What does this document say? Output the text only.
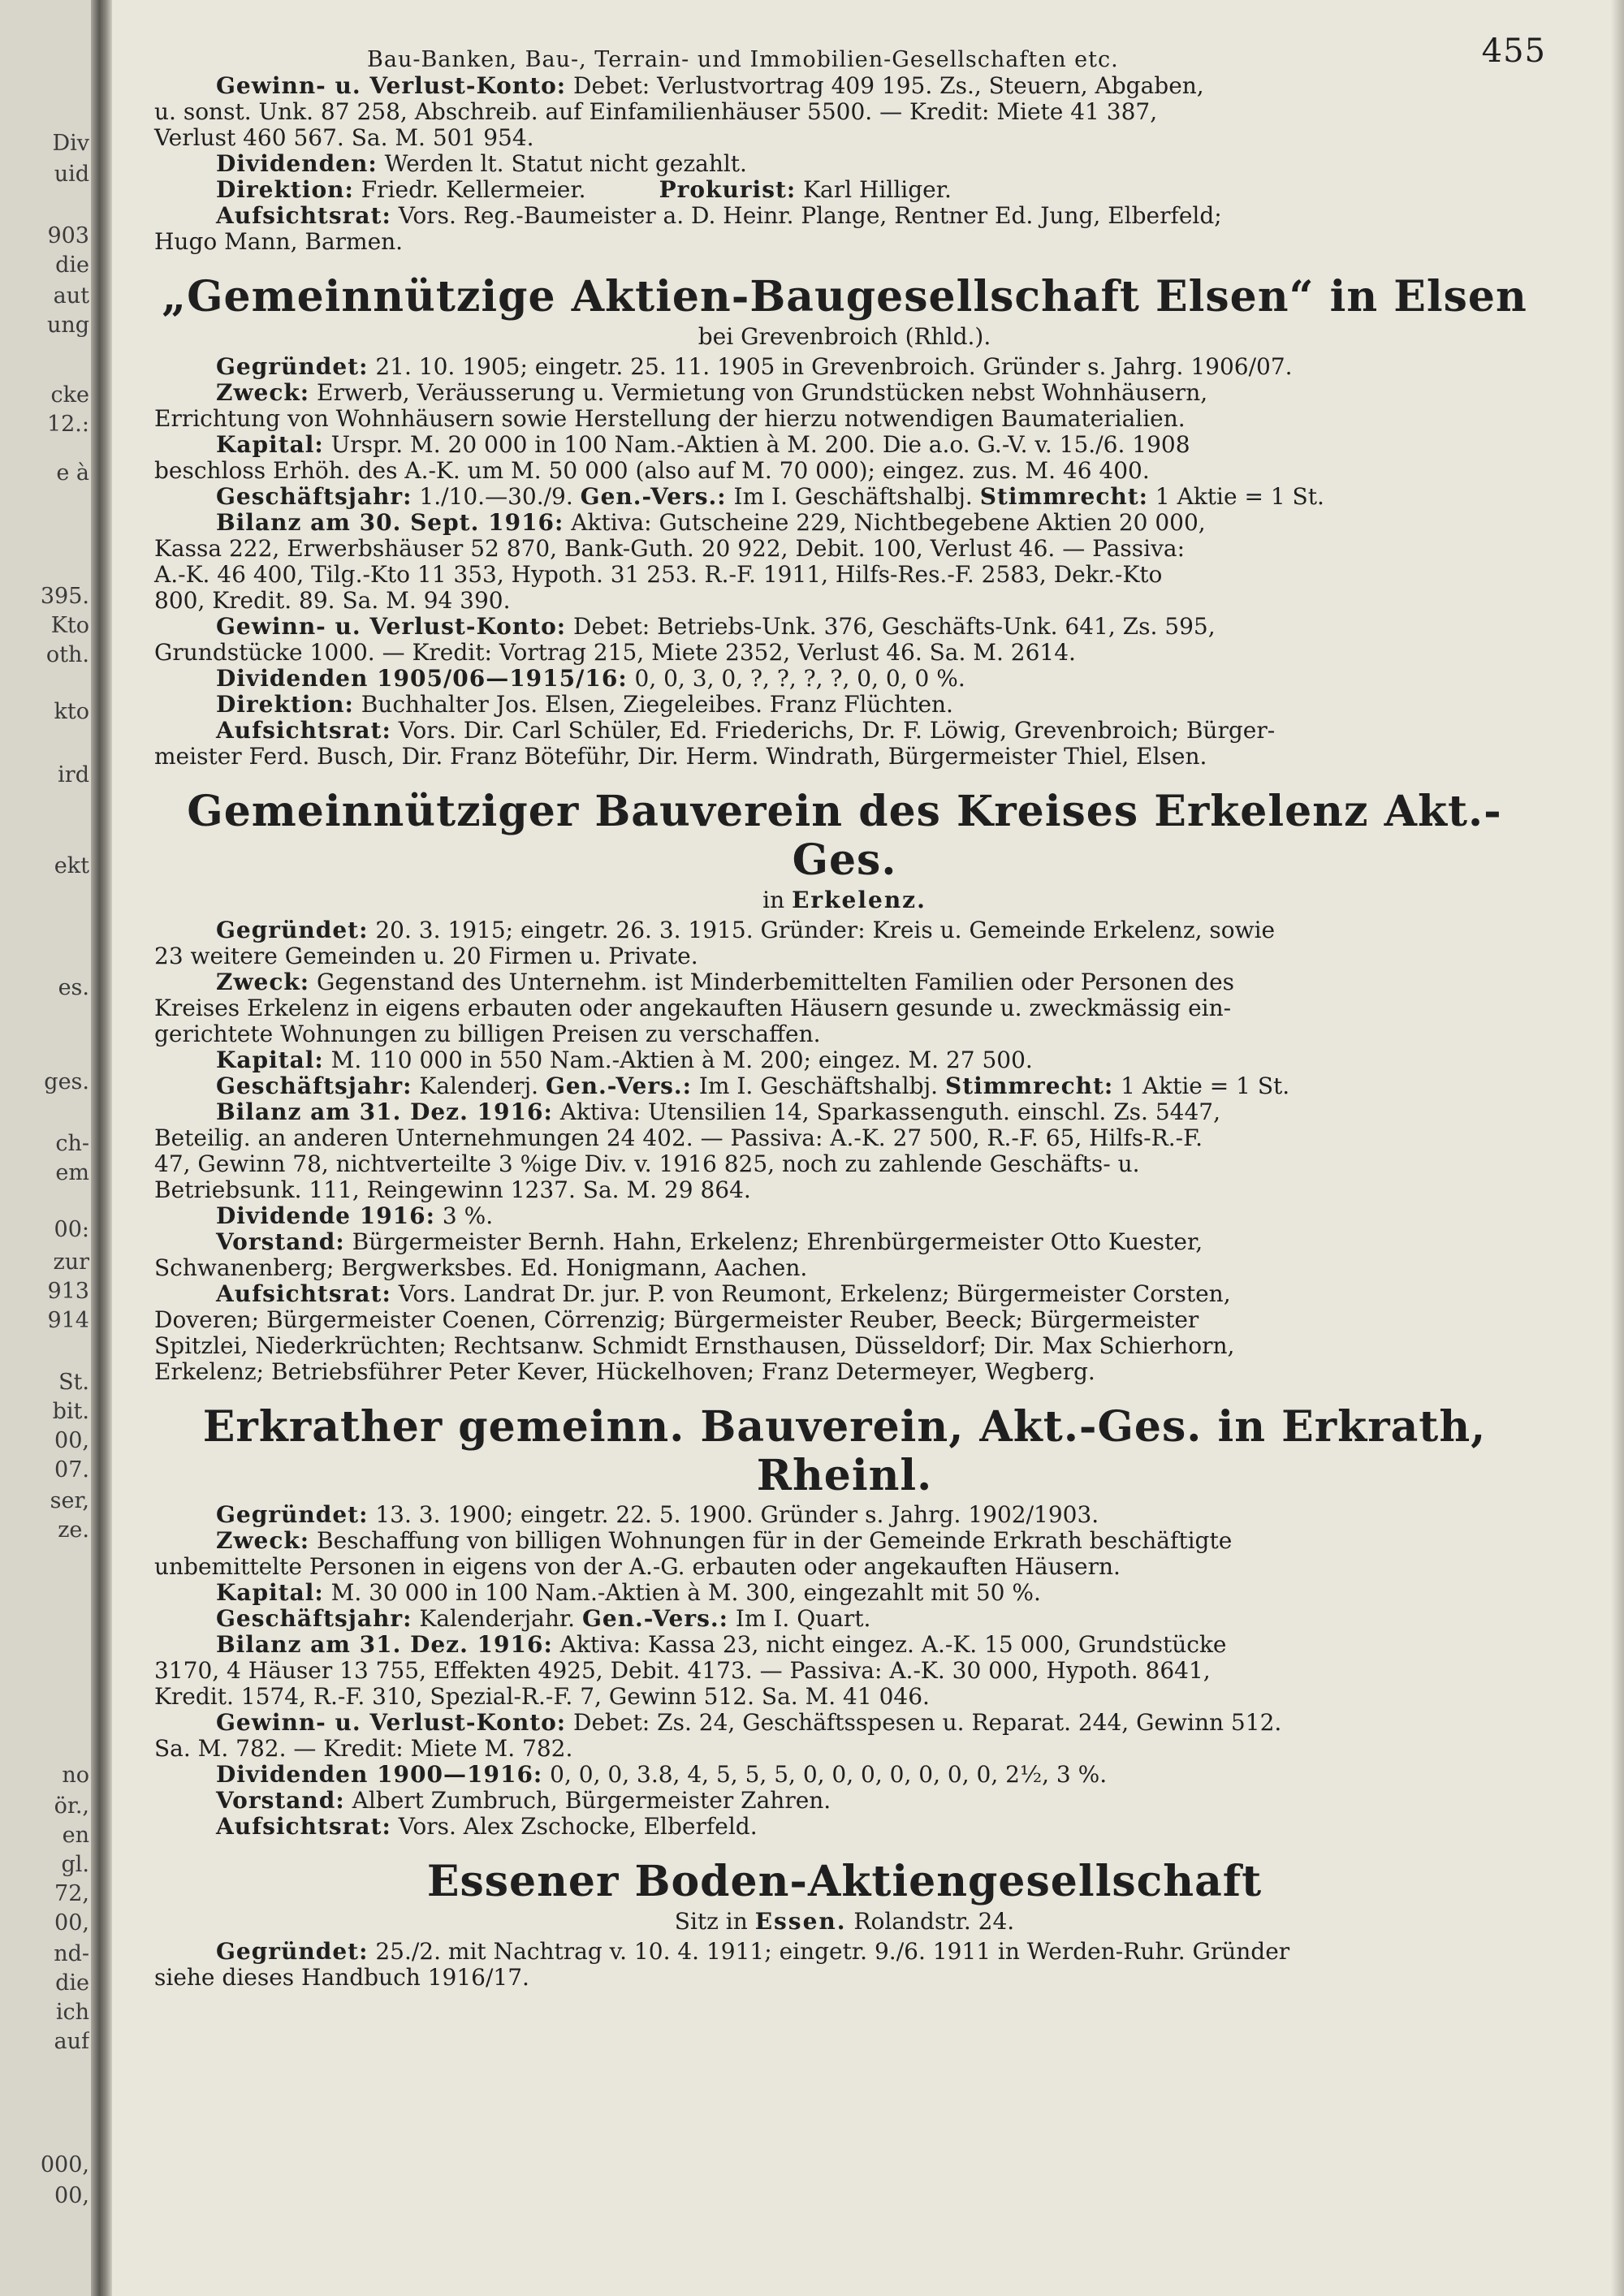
Div
uid
903
die
aut
ung
cke
12.:
e à
395.
Kto
oth.
kto
ird
ekt
es.
ges.
ch-
em
00:
zur
913
914
St.
bit.
00,
07.
ser,
ze.
no
ör.,
en
gl.
72,
00,
nd-
die
ich
auf
000,
00,
Bau-Banken, Bau-, Terrain- und Immobilien-Gesellschaften etc.	455

Gewinn- u. Verlust-Konto: Debet: Verlustvortrag 409 195. Zs., Steuern, Abgaben,

u. sonst. Unk. 87 258, Abschreib. auf Einfamilienhäuser 5500. — Kredit: Miete 41 387,

Verlust 460 567. Sa. M. 501 954.

Dividenden: Werden lt. Statut nicht gezahlt.

Direktion: Friedr. Kellermeier.	Prokurist: Karl Hilliger.

Aufsichtsrat: Vors. Reg.-Baumeister a. D. Heinr. Plange, Rentner Ed. Jung, Elberfeld;

Hugo Mann, Barmen.

„Gemeinnützige Aktien-Baugesellschaft Elsen“ in Elsen
bei Grevenbroich (Rhld.).

Gegründet: 21. 10. 1905; eingetr. 25. 11. 1905 in Grevenbroich. Gründer s. Jahrg. 1906/07.

Zweck: Erwerb, Veräusserung u. Vermietung von Grundstücken nebst Wohnhäusern,

Errichtung von Wohnhäusern sowie Herstellung der hierzu notwendigen Baumaterialien.

Kapital: Urspr. M. 20 000 in 100 Nam.-Aktien à M. 200. Die a.o. G.-V. v. 15./6. 1908

beschloss Erhöh. des A.-K. um M. 50 000 (also auf M. 70 000); eingez. zus. M. 46 400.

Geschäftsjahr: 1./10.—30./9. Gen.-Vers.: Im I. Geschäftshalbj. Stimmrecht: 1 Aktie = 1 St.

Bilanz am 30. Sept. 1916: Aktiva: Gutscheine 229, Nichtbegebene Aktien 20 000,

Kassa 222, Erwerbshäuser 52 870, Bank-Guth. 20 922, Debit. 100, Verlust 46. — Passiva:

A.-K. 46 400, Tilg.-Kto 11 353, Hypoth. 31 253. R.-F. 1911, Hilfs-Res.-F. 2583, Dekr.-Kto

800, Kredit. 89. Sa. M. 94 390.

Gewinn- u. Verlust-Konto: Debet: Betriebs-Unk. 376, Geschäfts-Unk. 641, Zs. 595,

Grundstücke 1000. — Kredit: Vortrag 215, Miete 2352, Verlust 46. Sa. M. 2614.

Dividenden 1905/06—1915/16: 0, 0, 3, 0, ?, ?, ?, ?, 0, 0, 0 %.

Direktion: Buchhalter Jos. Elsen, Ziegeleibes. Franz Flüchten.

Aufsichtsrat: Vors. Dir. Carl Schüler, Ed. Friederichs, Dr. F. Löwig, Grevenbroich; Bürger-

meister Ferd. Busch, Dir. Franz Böteführ, Dir. Herm. Windrath, Bürgermeister Thiel, Elsen.

Gemeinnütziger Bauverein des Kreises Erkelenz Akt.-Ges.
in Erkelenz.

Gegründet: 20. 3. 1915; eingetr. 26. 3. 1915. Gründer: Kreis u. Gemeinde Erkelenz, sowie

23 weitere Gemeinden u. 20 Firmen u. Private.

Zweck: Gegenstand des Unternehm. ist Minderbemittelten Familien oder Personen des

Kreises Erkelenz in eigens erbauten oder angekauften Häusern gesunde u. zweckmässig ein-

gerichtete Wohnungen zu billigen Preisen zu verschaffen.

Kapital: M. 110 000 in 550 Nam.-Aktien à M. 200; eingez. M. 27 500.

Geschäftsjahr: Kalenderj. Gen.-Vers.: Im I. Geschäftshalbj. Stimmrecht: 1 Aktie = 1 St.

Bilanz am 31. Dez. 1916: Aktiva: Utensilien 14, Sparkassenguth. einschl. Zs. 5447,

Beteilig. an anderen Unternehmungen 24 402. — Passiva: A.-K. 27 500, R.-F. 65, Hilfs-R.-F.

47, Gewinn 78, nichtverteilte 3 %ige Div. v. 1916 825, noch zu zahlende Geschäfts- u.

Betriebsunk. 111, Reingewinn 1237. Sa. M. 29 864.

Dividende 1916: 3 %.

Vorstand: Bürgermeister Bernh. Hahn, Erkelenz; Ehrenbürgermeister Otto Kuester,

Schwanenberg; Bergwerksbes. Ed. Honigmann, Aachen.

Aufsichtsrat: Vors. Landrat Dr. jur. P. von Reumont, Erkelenz; Bürgermeister Corsten,

Doveren; Bürgermeister Coenen, Cörrenzig; Bürgermeister Reuber, Beeck; Bürgermeister

Spitzlei, Niederkrüchten; Rechtsanw. Schmidt Ernsthausen, Düsseldorf; Dir. Max Schierhorn,

Erkelenz; Betriebsführer Peter Kever, Hückelhoven; Franz Determeyer, Wegberg.

Erkrather gemeinn. Bauverein, Akt.-Ges. in Erkrath, Rheinl.

Gegründet: 13. 3. 1900; eingetr. 22. 5. 1900. Gründer s. Jahrg. 1902/1903.

Zweck: Beschaffung von billigen Wohnungen für in der Gemeinde Erkrath beschäftigte

unbemittelte Personen in eigens von der A.-G. erbauten oder angekauften Häusern.

Kapital: M. 30 000 in 100 Nam.-Aktien à M. 300, eingezahlt mit 50 %.

Geschäftsjahr: Kalenderjahr. Gen.-Vers.: Im I. Quart.

Bilanz am 31. Dez. 1916: Aktiva: Kassa 23, nicht eingez. A.-K. 15 000, Grundstücke

3170, 4 Häuser 13 755, Effekten 4925, Debit. 4173. — Passiva: A.-K. 30 000, Hypoth. 8641,

Kredit. 1574, R.-F. 310, Spezial-R.-F. 7, Gewinn 512. Sa. M. 41 046.

Gewinn- u. Verlust-Konto: Debet: Zs. 24, Geschäftsspesen u. Reparat. 244, Gewinn 512.

Sa. M. 782. — Kredit: Miete M. 782.

Dividenden 1900—1916: 0, 0, 0, 3.8, 4, 5, 5, 5, 0, 0, 0, 0, 0, 0, 0, 2½, 3 %.

Vorstand: Albert Zumbruch, Bürgermeister Zahren.

Aufsichtsrat: Vors. Alex Zschocke, Elberfeld.

Essener Boden-Aktiengesellschaft
Sitz in Essen. Rolandstr. 24.

Gegründet: 25./2. mit Nachtrag v. 10. 4. 1911; eingetr. 9./6. 1911 in Werden-Ruhr. Gründer

siehe dieses Handbuch 1916/17.
